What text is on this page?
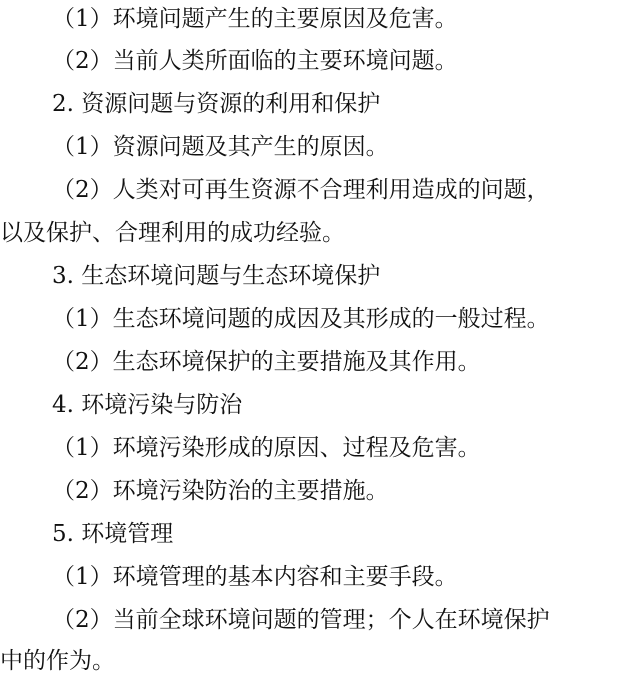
（1）环境问题产生的主要原因及危害。
（2）当前人类所面临的主要环境问题。
2. 资源问题与资源的利用和保护
（1）资源问题及其产生的原因。
（2）人类对可再生资源不合理利用造成的问题，
以及保护、合理利用的成功经验。
3. 生态环境问题与生态环境保护
（1）生态环境问题的成因及其形成的一般过程。
（2）生态环境保护的主要措施及其作用。
4. 环境污染与防治
（1）环境污染形成的原因、过程及危害。
（2）环境污染防治的主要措施。
5. 环境管理
（1）环境管理的基本内容和主要手段。
（2）当前全球环境问题的管理；个人在环境保护
中的作为。
